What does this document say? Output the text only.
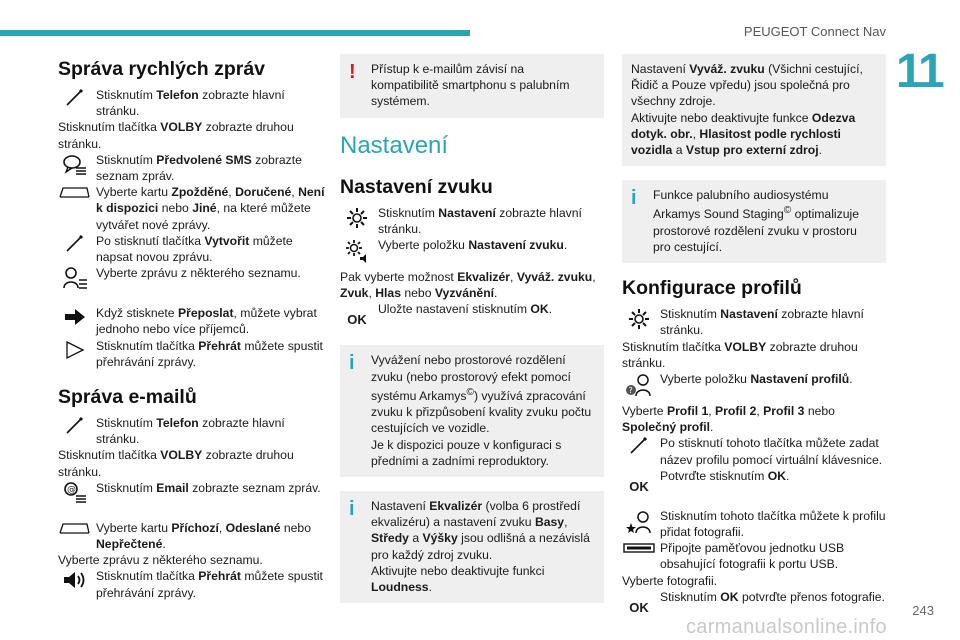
PEUGEOT Connect Nav
11
Správa rychlých zpráv
Stisknutím Telefon zobrazte hlavní stránku.
Stisknutím tlačítka VOLBY zobrazte druhou stránku.
Stisknutím Předvolené SMS zobrazte seznam zpráv.
Vyberte kartu Zpožděné, Doručené, Není k dispozici nebo Jiné, na které můžete vytvářet nové zprávy.
Po stisknutí tlačítka Vytvořit můžete napsat novou zprávu.
Vyberte zprávu z některého seznamu.
Když stisknete Přeposlat, můžete vybrat jednoho nebo více příjemců.
Stisknutím tlačítka Přehrát můžete spustit přehrávání zprávy.
Správa e-mailů
Stisknutím Telefon zobrazte hlavní stránku.
Stisknutím tlačítka VOLBY zobrazte druhou stránku.
@	Stisknutím Email zobrazte seznam zpráv.
Vyberte kartu Příchozí, Odeslané nebo Nepřečtené.
Vyberte zprávu z některého seznamu.
Stisknutím tlačítka Přehrát můžete spustit přehrávání zprávy.
!	Přístup k e-mailům závisí na kompatibilitě smartphonu s palubním systémem.
Nastavení
Nastavení zvuku
Stisknutím Nastavení zobrazte hlavní stránku.
Vyberte položku Nastavení zvuku.
Pak vyberte možnost Ekvalizér, Vyváž. zvuku, Zvuk, Hlas nebo Vyzvánění.
OK
Uložte nastavení stisknutím OK.
i	Vyvážení nebo prostorové rozdělení zvuku (nebo prostorový efekt pomocí systému Arkamys©) využívá zpracování zvuku k přizpůsobení kvality zvuku počtu cestujících ve vozidle.
Je k dispozici pouze v konfiguraci s předními a zadními reproduktory.
i	Nastavení Ekvalizér (volba 6 prostředí ekvalizéru) a nastavení zvuku Basy, Středy a Výšky jsou odlišná a nezávislá pro každý zdroj zvuku.
Aktivujte nebo deaktivujte funkci Loudness.
Nastavení Vyváž. zvuku (Všichni cestující, Řidič a Pouze vpředu) jsou společná pro všechny zdroje.
Aktivujte nebo deaktivujte funkce Odezva dotyk. obr., Hlasitost podle rychlosti vozidla a Vstup pro externí zdroj.
i	Funkce palubního audiosystému Arkamys Sound Staging© optimalizuje prostorové rozdělení zvuku v prostoru pro cestující.
Konfigurace profilů
Stisknutím Nastavení zobrazte hlavní stránku.
Stisknutím tlačítka VOLBY zobrazte druhou stránku.
?
Vyberte položku Nastavení profilů.
Vyberte Profil 1, Profil 2, Profil 3 nebo Společný profil.
Po stisknutí tohoto tlačítka můžete zadat název profilu pomocí virtuální klávesnice.
OK
Potvrďte stisknutím OK.
Stisknutím tohoto tlačítka můžete k profilu přidat fotografii.
Připojte paměťovou jednotku USB obsahující fotografii k portu USB.
Vyberte fotografii.
OK
Stisknutím OK potvrďte přenos fotografie.
carmanualsonline.info
243
